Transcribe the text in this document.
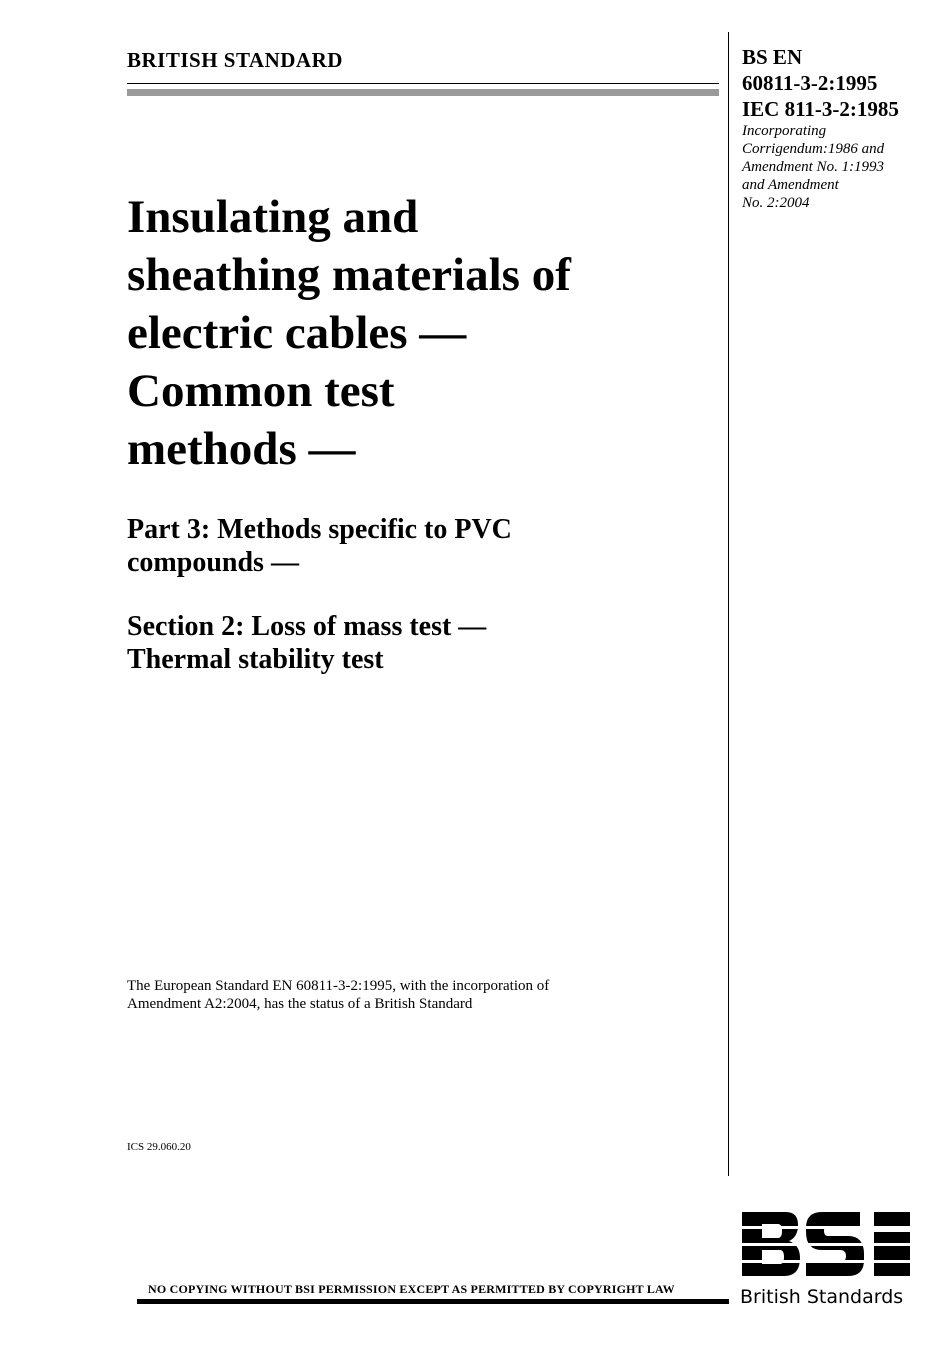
BRITISH STANDARD	BS EN
60811-3-2:1995
IEC 811-3-2:1985
Incorporating
Corrigendum:1986 and
Amendment No. 1:1993
and Amendment
No. 2:2004
Insulating and
sheathing materials of
electric cables —
Common test
methods —
Part 3: Methods specific to PVC
compounds —
Section 2: Loss of mass test —
Thermal stability test
The European Standard EN 60811-3-2:1995, with the incorporation of
Amendment A2:2004, has the status of a British Standard
ICS 29.060.20
NO COPYING WITHOUT BSI PERMISSION EXCEPT AS PERMITTED BY COPYRIGHT LAW	British Standards
